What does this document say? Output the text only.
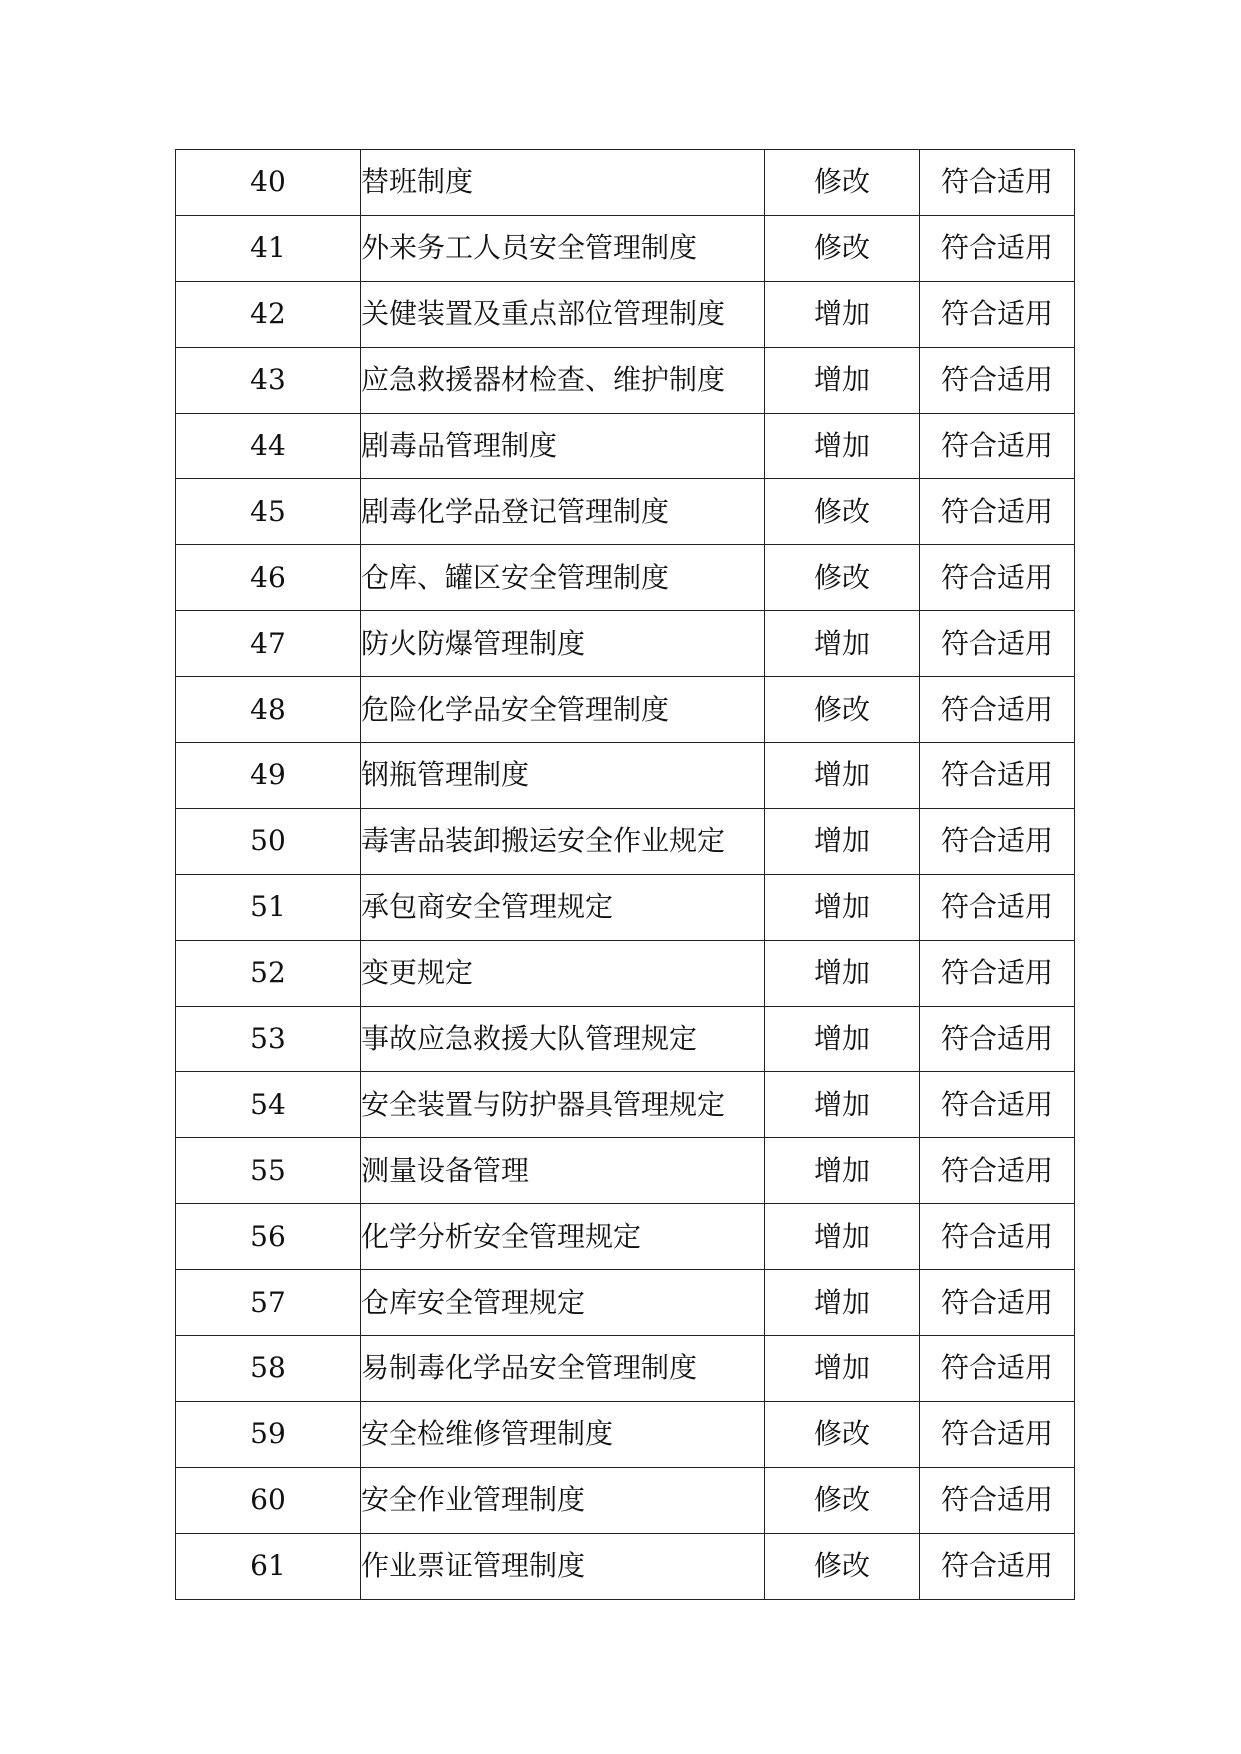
40	替班制度	修改	符合适用
41	外来务工人员安全管理制度	修改	符合适用
42	关健装置及重点部位管理制度	增加	符合适用
43	应急救援器材检查、维护制度	增加	符合适用
44	剧毒品管理制度	增加	符合适用
45	剧毒化学品登记管理制度	修改	符合适用
46	仓库、罐区安全管理制度	修改	符合适用
47	防火防爆管理制度	增加	符合适用
48	危险化学品安全管理制度	修改	符合适用
49	钢瓶管理制度	增加	符合适用
50	毒害品装卸搬运安全作业规定	增加	符合适用
51	承包商安全管理规定	增加	符合适用
52	变更规定	增加	符合适用
53	事故应急救援大队管理规定	增加	符合适用
54	安全装置与防护器具管理规定	增加	符合适用
55	测量设备管理	增加	符合适用
56	化学分析安全管理规定	增加	符合适用
57	仓库安全管理规定	增加	符合适用
58	易制毒化学品安全管理制度	增加	符合适用
59	安全检维修管理制度	修改	符合适用
60	安全作业管理制度	修改	符合适用
61	作业票证管理制度	修改	符合适用
